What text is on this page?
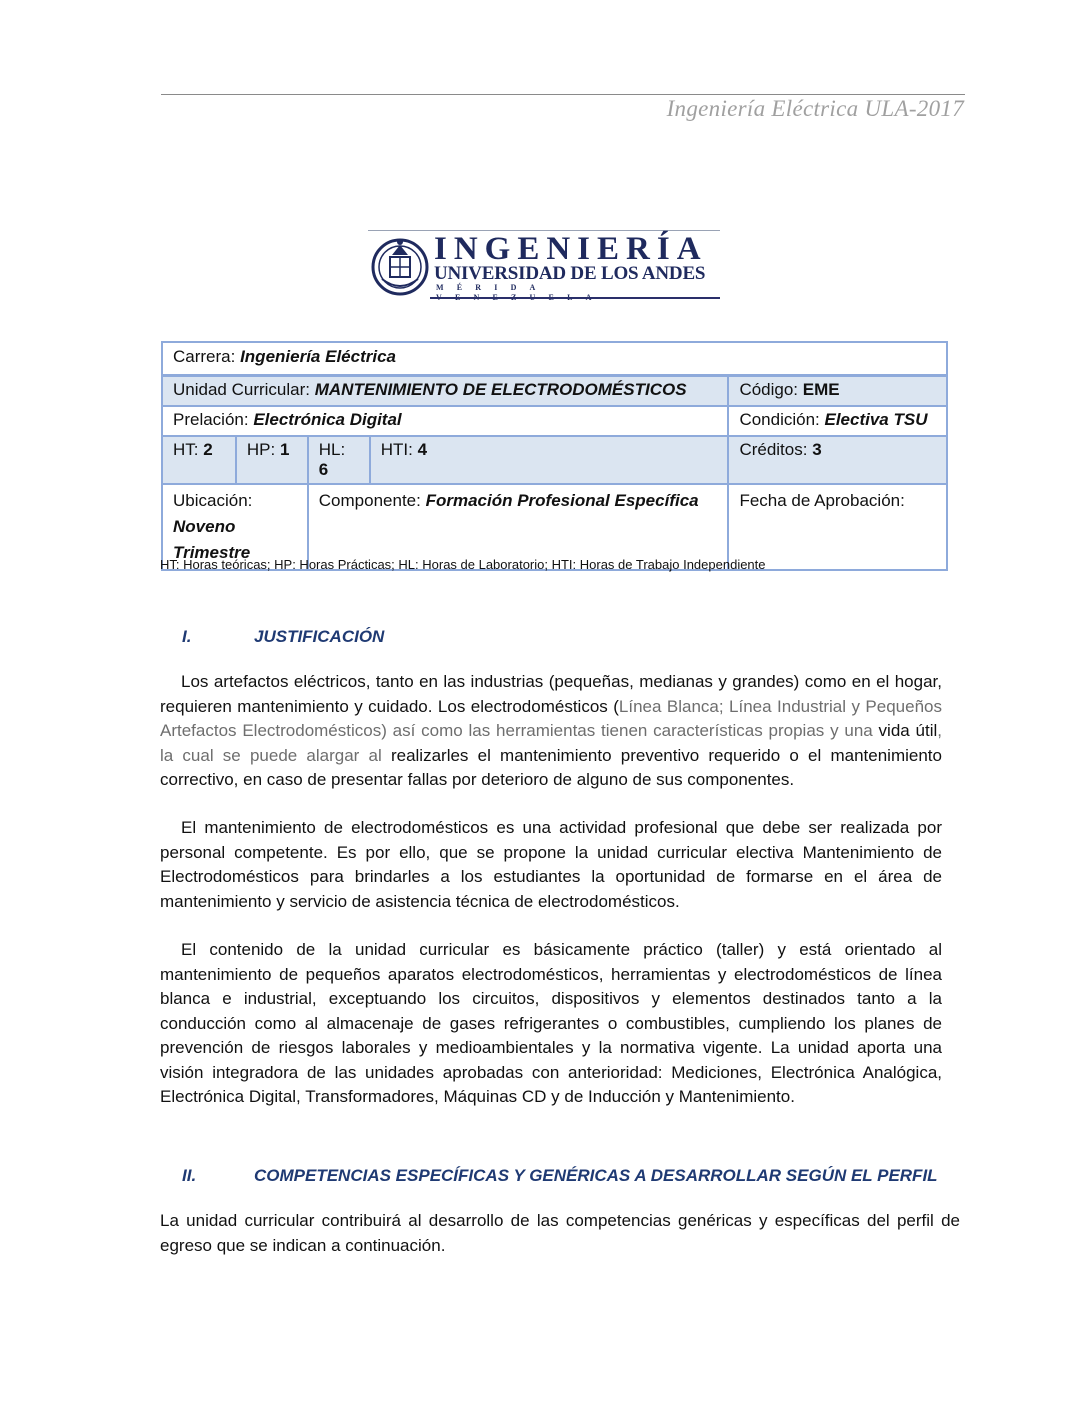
Ingeniería Eléctrica ULA-2017
INGENIERÍA
UNIVERSIDAD DE LOS ANDES
MÉRIDA
Carrera: Ingeniería Eléctrica				
Unidad Curricular: MANTENIMIENTO DE ELECTRODOMÉSTICOS				Código: EME
Prelación: Electrónica Digital				Condición: Electiva TSU
HT: 2	HP: 1	HL: 6	HTI: 4	Créditos: 3

Ubicación:
Noveno
Trimestre		Componente: Formación Profesional Específica		Fecha de Aprobación:
HT: Horas teóricas; HP: Horas Prácticas; HL: Horas de Laboratorio; HTI: Horas de Trabajo Independiente
I.	JUSTIFICACIÓN
Los artefactos eléctricos, tanto en las industrias (pequeñas, medianas y grandes) como en el hogar, requieren mantenimiento y cuidado. Los electrodomésticos (Línea Blanca; Línea Industrial y Pequeños Artefactos Electrodomésticos) así como las herramientas tienen características propias y una vida útil, la cual se puede alargar al realizarles el mantenimiento preventivo requerido o el mantenimiento correctivo, en caso de presentar fallas por deterioro de alguno de sus componentes.
El mantenimiento de electrodomésticos es una actividad profesional que debe ser realizada por personal competente. Es por ello, que se propone la unidad curricular electiva Mantenimiento de Electrodomésticos para brindarles a los estudiantes la oportunidad de formarse en el área de mantenimiento y servicio de asistencia técnica de electrodomésticos.
El contenido de la unidad curricular es básicamente práctico (taller) y está orientado al mantenimiento de pequeños aparatos electrodomésticos, herramientas y electrodomésticos de línea blanca e industrial, exceptuando los circuitos, dispositivos y elementos destinados tanto a la conducción como al almacenaje de gases refrigerantes o combustibles, cumpliendo los planes de prevención de riesgos laborales y medioambientales y la normativa vigente. La unidad aporta una visión integradora de las unidades aprobadas con anterioridad: Mediciones, Electrónica Analógica, Electrónica Digital, Transformadores, Máquinas CD y de Inducción y Mantenimiento.
II.	COMPETENCIAS ESPECÍFICAS Y GENÉRICAS A DESARROLLAR SEGÚN EL PERFIL
La unidad curricular contribuirá al desarrollo de las competencias genéricas y específicas del perfil de egreso que se indican a continuación.
